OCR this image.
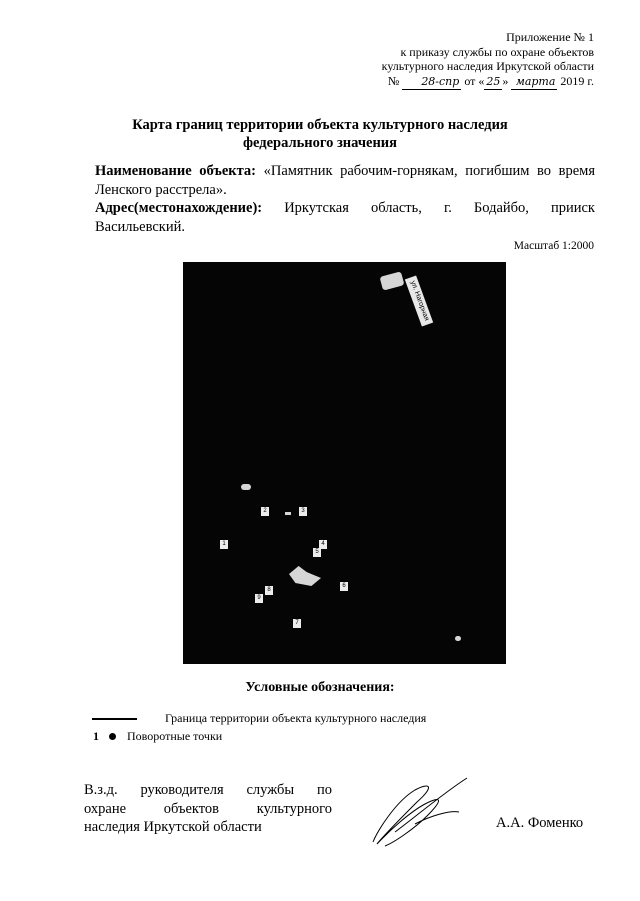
Приложение № 1
к приказу службы по охране объектов
культурного наследия Иркутской области
№ 28-спр от « 25 » марта 2019 г.
Карта границ территории объекта культурного наследия
федерального значения
Наименование объекта: «Памятник рабочим-горнякам, погибшим во время Ленского расстрела».
Адрес(местонахождение): Иркутская область, г. Бодайбо, прииск
Васильевский.
Масштаб 1:2000
ул. Нагорная
1
2	3
4
5
6
7
8
9
Условные обозначения:
Граница территории объекта культурного наследия
1 Поворотные точки
В.з.д. руководителя службы по
охране	объектов	культурного
наследия Иркутской области	А.А. Фоменко
